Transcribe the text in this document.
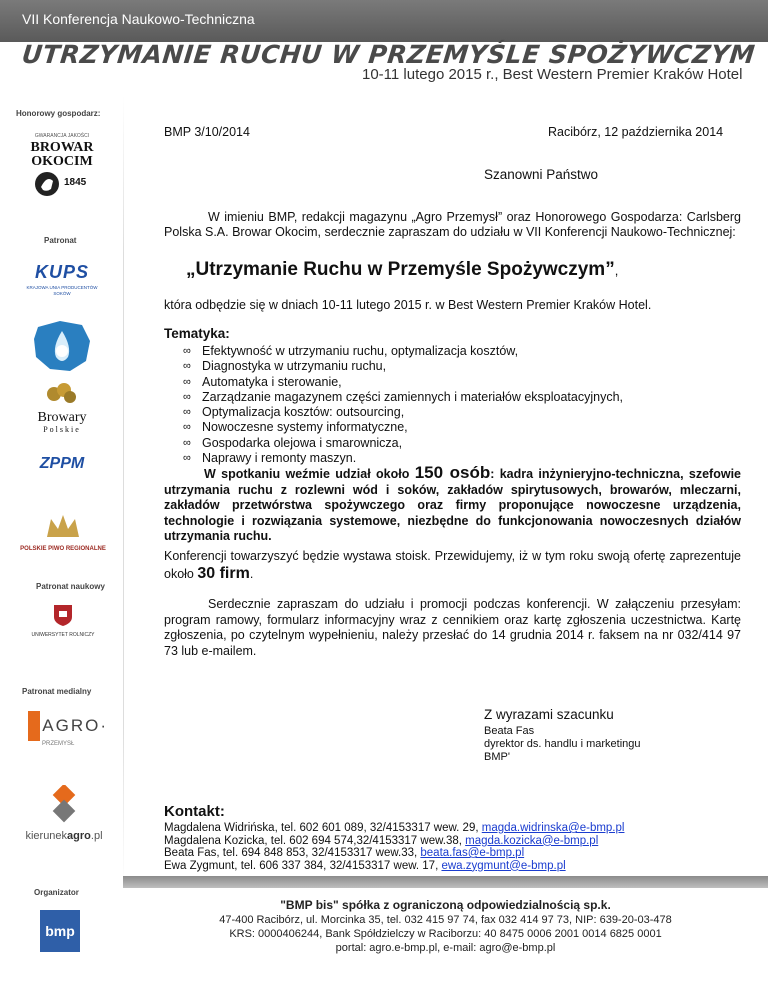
VII Konferencja Naukowo-Techniczna
UTRZYMANIE RUCHU W PRZEMYŚLE SPOŻYWCZYM
10-11 lutego 2015 r., Best Western Premier Kraków Hotel
Honorowy gospodarz:
GWARANCJA JAKOŚCI
BROWAR
OKOCIM
1845
Patronat
KUPS
KRAJOWA UNIA PRODUCENTÓW SOKÓW
Browary
Polskie
ZPPM
POLSKIE PIWO REGIONALNE
Patronat naukowy
UNIWERSYTET ROLNICZY
Patronat medialny
AGRO·
PRZEMYSŁ
kierunekagro.pl
Organizator
bmp
BMP 3/10/2014	Racibórz, 12 października 2014
Szanowni Państwo
W imieniu BMP, redakcji magazynu „Agro Przemysł” oraz Honorowego Gospodarza: Carlsberg Polska S.A. Browar Okocim, serdecznie zapraszam do udziału w VII Konferencji Naukowo-Technicznej:
„Utrzymanie Ruchu w Przemyśle Spożywczym”,
która odbędzie się w dniach 10-11 lutego 2015 r. w Best Western Premier Kraków Hotel.
Tematyka:
∞ Efektywność w utrzymaniu ruchu, optymalizacja kosztów,
∞ Diagnostyka w utrzymaniu ruchu,
∞ Automatyka i sterowanie,
∞ Zarządzanie magazynem części zamiennych i materiałów eksploatacyjnych,
∞ Optymalizacja kosztów: outsourcing,
∞ Nowoczesne systemy informatyczne,
∞ Gospodarka olejowa i smarownicza,
∞ Naprawy i remonty maszyn.
W spotkaniu weźmie udział około 150 osób: kadra inżynieryjno-techniczna, szefowie utrzymania ruchu z rozlewni wód i soków, zakładów spirytusowych, browarów, mleczarni, zakładów przetwórstwa spożywczego oraz firmy proponujące nowoczesne urządzenia, technologie i rozwiązania systemowe, niezbędne do funkcjonowania nowoczesnych działów utrzymania ruchu.
Konferencji towarzyszyć będzie wystawa stoisk. Przewidujemy, iż w tym roku swoją ofertę zaprezentuje około 30 firm.
Serdecznie zapraszam do udziału i promocji podczas konferencji. W załączeniu przesyłam: program ramowy, formularz informacyjny wraz z cennikiem oraz kartę zgłoszenia uczestnictwa. Kartę zgłoszenia, po czytelnym wypełnieniu, należy przesłać do 14 grudnia 2014 r. faksem na nr 032/414 97 73 lub e-mailem.
Z wyrazami szacunku
Beata Fas
dyrektor ds. handlu i marketingu
BMP'
Kontakt:
Magdalena Widrińska, tel. 602 601 089, 32/4153317 wew. 29, magda.widrinska@e-bmp.pl
Magdalena Kozicka, tel. 602 694 574,32/4153317 wew.38, magda.kozicka@e-bmp.pl
Beata Fas, tel. 694 848 853, 32/4153317 wew.33, beata.fas@e-bmp.pl
Ewa Zygmunt, tel. 606 337 384, 32/4153317 wew. 17, ewa.zygmunt@e-bmp.pl
"BMP bis" spółka z ograniczoną odpowiedzialnością sp.k.
47-400 Racibórz, ul. Morcinka 35, tel. 032 415 97 74, fax 032 414 97 73, NIP: 639-20-03-478
KRS: 0000406244, Bank Spółdzielczy w Raciborzu: 40 8475 0006 2001 0014 6825 0001
portal: agro.e-bmp.pl, e-mail: agro@e-bmp.pl
